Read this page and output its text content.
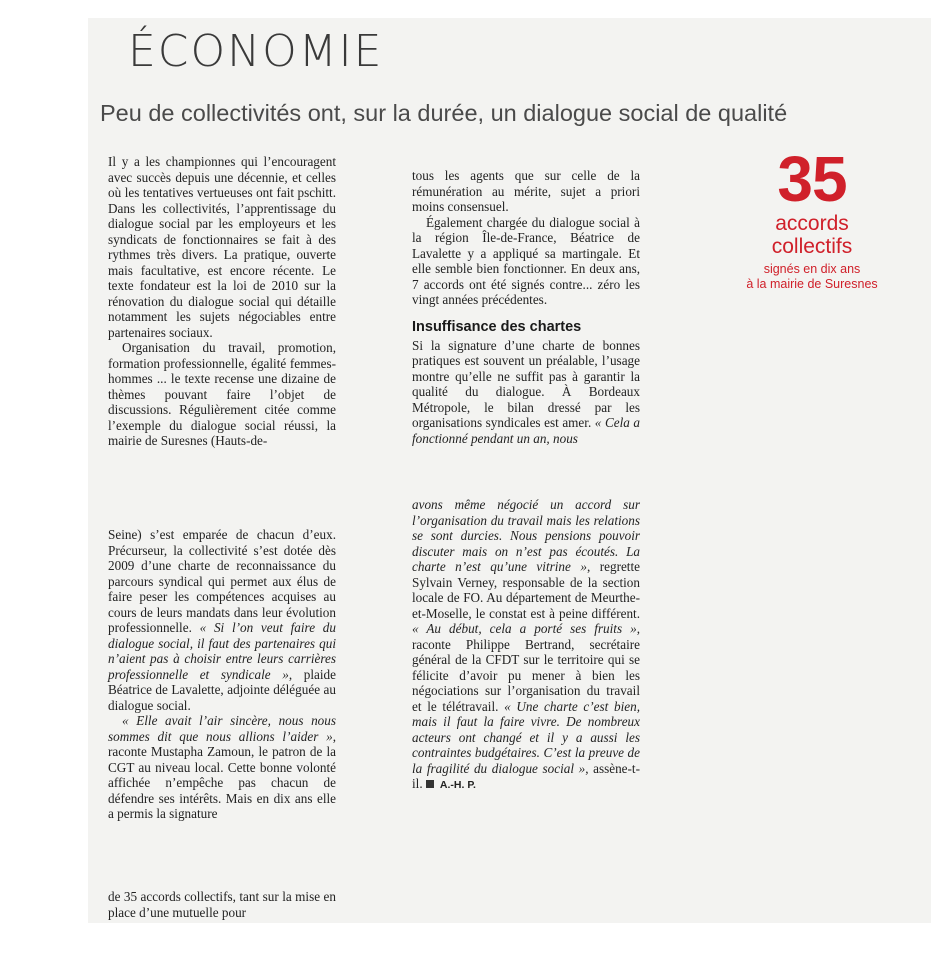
ÉCONOMIE
Peu de collectivités ont, sur la durée, un dialogue social de qualité

Il y a les championnes qui l’encouragent avec succès depuis une décennie, et celles où les tentatives vertueuses ont fait pschitt. Dans les collectivités, l’apprentissage du dialogue social par les employeurs et les syndicats de fonctionnaires se fait à des rythmes très divers. La pratique, ouverte mais facultative, est encore récente. Le texte fondateur est la loi de 2010 sur la rénovation du dialogue social qui détaille notamment les sujets négociables entre partenaires sociaux.

Organisation du travail, promotion, formation professionnelle, égalité femmes-hommes ... le texte recense une dizaine de thèmes pouvant faire l’objet de discussions. Régulièrement citée comme l’exemple du dialogue social réussi, la mairie de Suresnes (Hauts-de-

Seine) s’est emparée de chacun d’eux. Précurseur, la collectivité s’est dotée dès 2009 d’une charte de reconnaissance du parcours syndical qui permet aux élus de faire peser les compétences acquises au cours de leurs mandats dans leur évolution professionnelle. « Si l’on veut faire du dialogue social, il faut des partenaires qui n’aient pas à choisir entre leurs carrières professionnelle et syndicale », plaide Béatrice de Lavalette, adjointe déléguée au dialogue social.

« Elle avait l’air sincère, nous nous sommes dit que nous allions l’aider », raconte Mustapha Zamoun, le patron de la CGT au niveau local. Cette bonne volonté affichée n’empêche pas chacun de défendre ses intérêts. Mais en dix ans elle a permis la signature

de 35 accords collectifs, tant sur la mise en place d’une mutuelle pour

tous les agents que sur celle de la rémunération au mérite, sujet a priori moins consensuel.

Également chargée du dialogue social à la région Île-de-France, Béatrice de Lavalette y a appliqué sa martingale. Et elle semble bien fonctionner. En deux ans, 7 accords ont été signés contre... zéro les vingt années précédentes.

Insuffisance des chartes

Si la signature d’une charte de bonnes pratiques est souvent un préalable, l’usage montre qu’elle ne suffit pas à garantir la qualité du dialogue. À Bordeaux Métropole, le bilan dressé par les organisations syndicales est amer. « Cela a fonctionné pendant un an, nous

avons même négocié un accord sur l’organisation du travail mais les relations se sont durcies. Nous pensions pouvoir discuter mais on n’est pas écoutés. La charte n’est qu’une vitrine », regrette Sylvain Verney, responsable de la section locale de FO. Au département de Meurthe-et-Moselle, le constat est à peine différent. « Au début, cela a porté ses fruits », raconte Philippe Bertrand, secrétaire général de la CFDT sur le territoire qui se félicite d’avoir pu mener à bien les négociations sur l’organisation du travail et le télétravail. « Une charte c’est bien, mais il faut la faire vivre. De nombreux acteurs ont changé et il y a aussi les contraintes budgétaires. C’est la preuve de la fragilité du dialogue social », assène-t-il. A.-H. P.

35
accords
collectifs
signés en dix ans
à la mairie de Suresnes
